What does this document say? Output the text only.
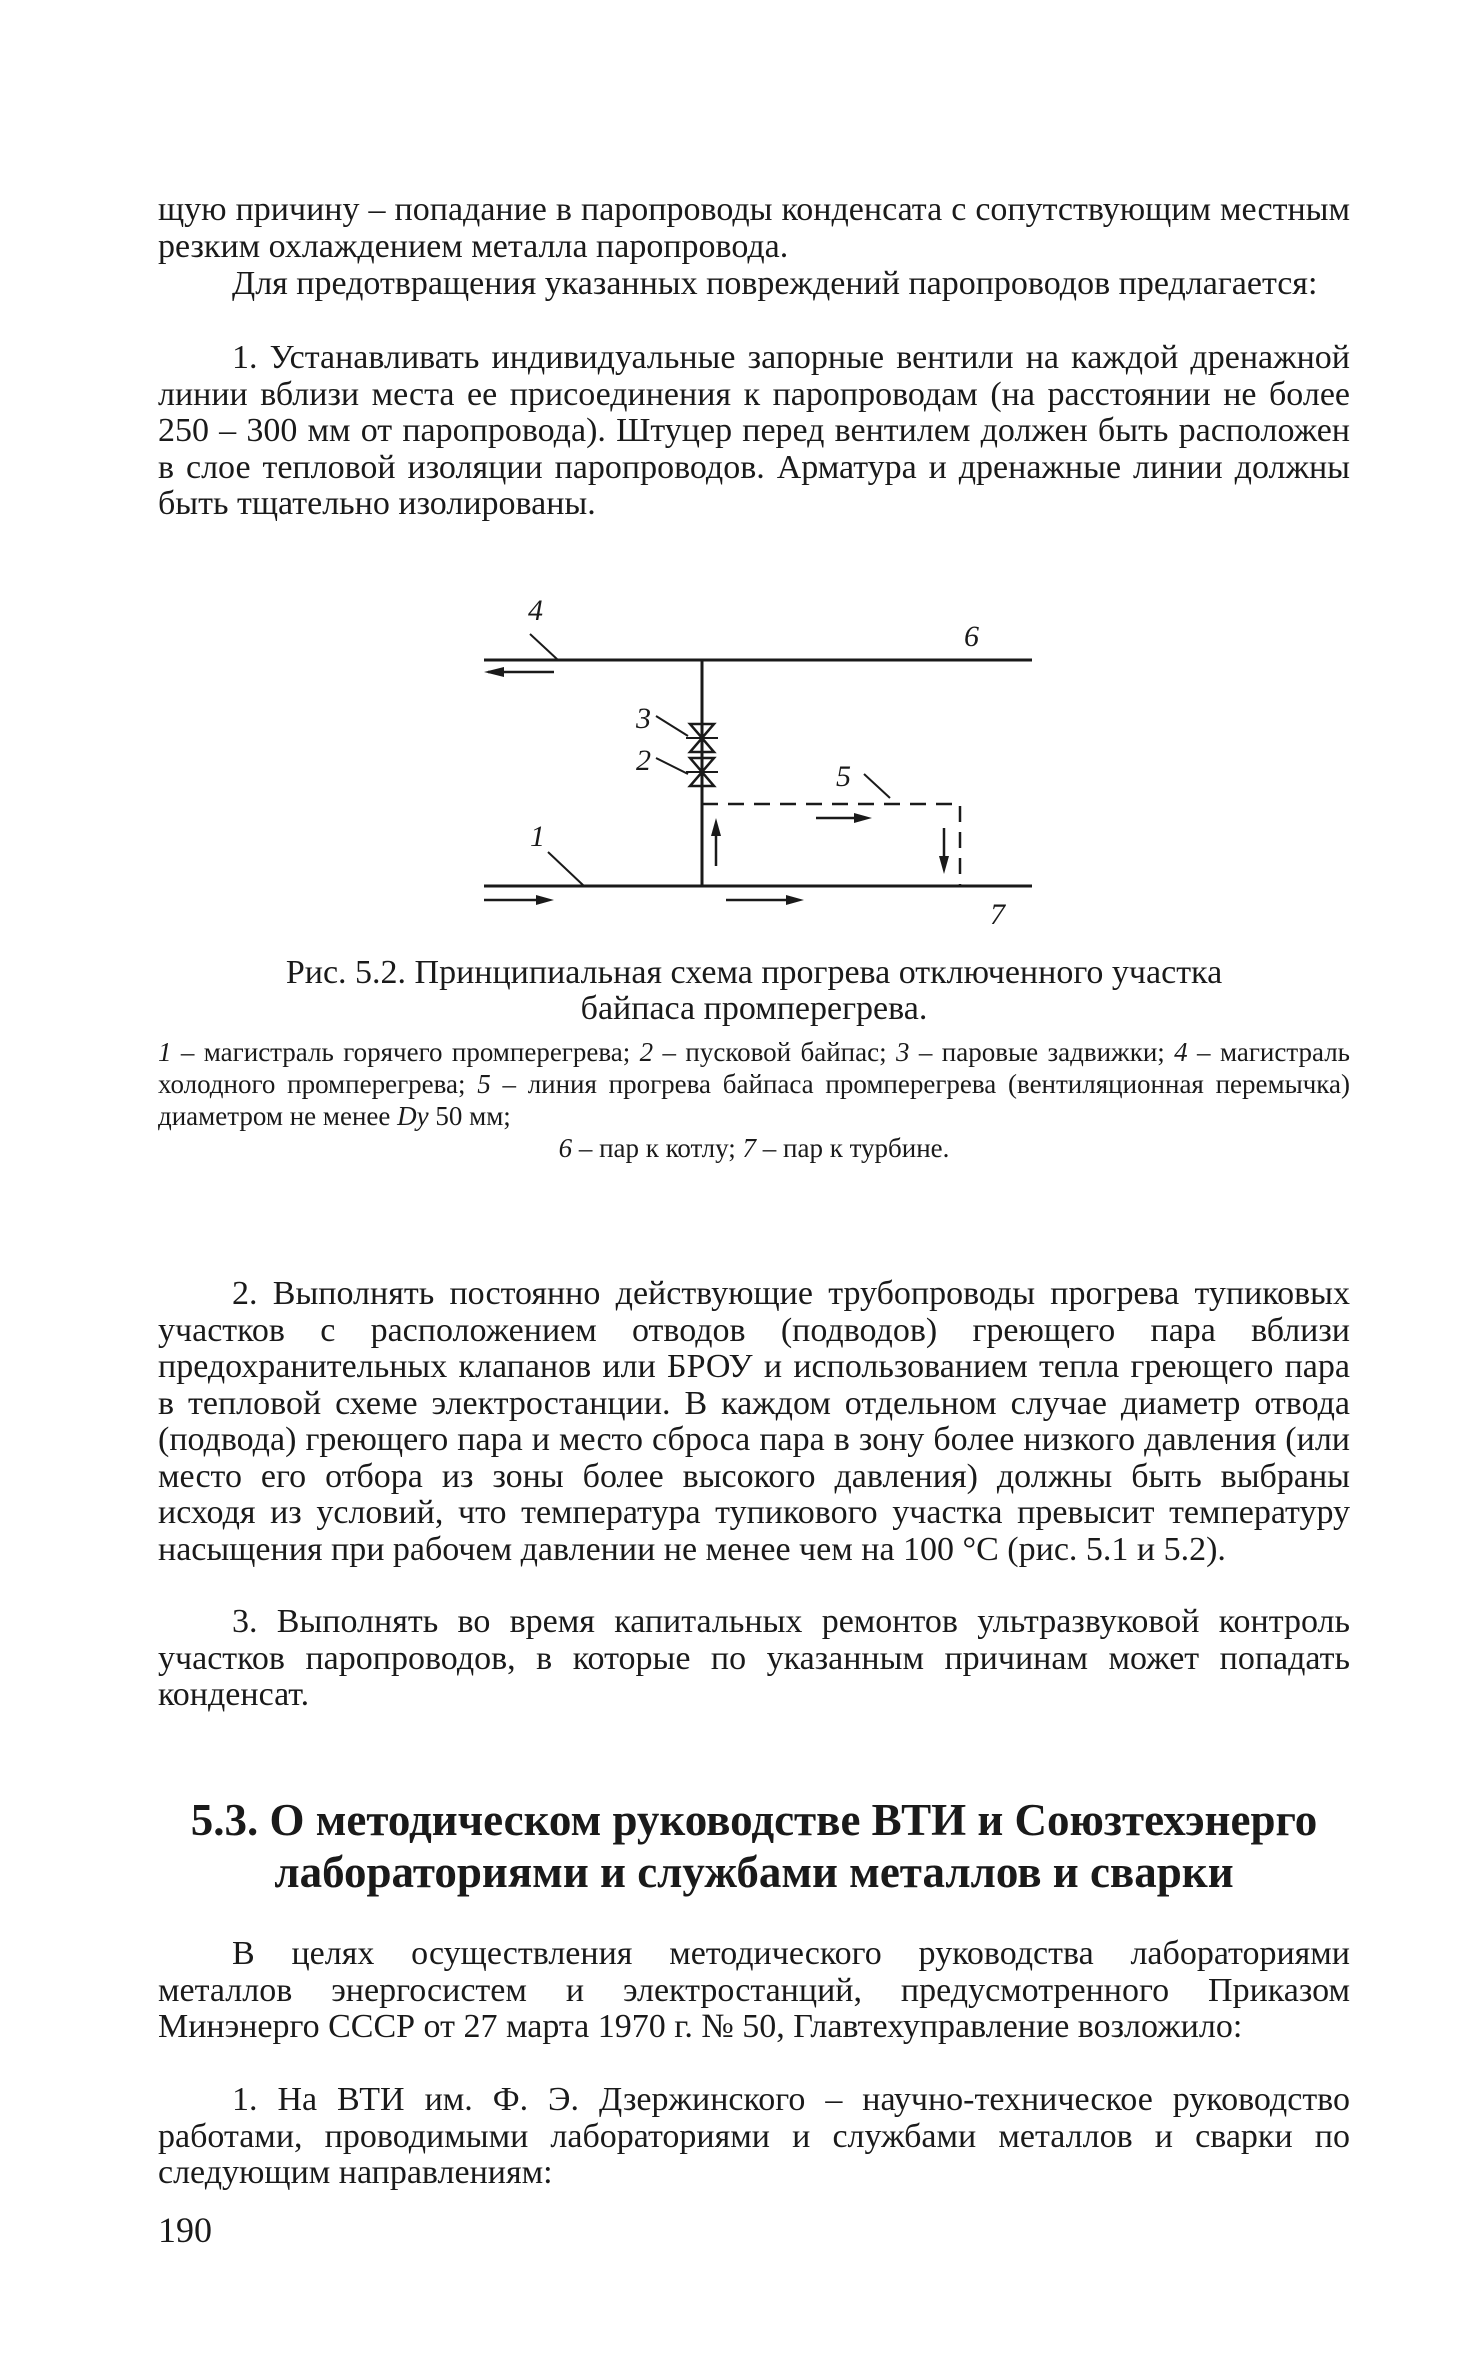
щую причину – попадание в паропроводы конденсата с сопутствующим местным резким охлаждением металла паропровода.

Для предотвращения указанных повреждений паропроводов предлагается:

1. Устанавливать индивидуальные запорные вентили на каждой дренажной линии вблизи места ее присоединения к паропроводам (на расстоянии не более 250 – 300 мм от паропровода). Штуцер перед вентилем должен быть расположен в слое тепловой изоляции паропроводов. Арматура и дренажные линии должны быть тщательно изолированы.

4
6
3
2	5
1
7

Рис. 5.2. Принципиальная схема прогрева отключенного участка

байпаса промперегрева.

1 – магистраль горячего промперегрева; 2 – пусковой байпас; 3 – паровые задвижки; 4 – магистраль холодного промперегрева; 5 – линия прогрева байпаса промперегрева (вентиляционная перемычка) диаметром не менее Dу 50 мм;

6 – пар к котлу; 7 – пар к турбине.

2. Выполнять постоянно действующие трубопроводы прогрева тупиковых участков с расположением отводов (подводов) греющего пара вблизи предохранительных клапанов или БРОУ и использованием тепла греющего пара в тепловой схеме электростанции. В каждом отдельном случае диаметр отвода (подвода) греющего пара и место сброса пара в зону более низкого давления (или место его отбора из зоны более высокого давления) должны быть выбраны исходя из условий, что температура тупикового участка превысит температуру насыщения при рабочем давлении не менее чем на 100 °С (рис. 5.1 и 5.2).

3. Выполнять во время капитальных ремонтов ультразвуковой контроль участков паропроводов, в которые по указанным причинам может попадать конденсат.

5.3. О методическом руководстве ВТИ и Союзтехэнерго

лабораториями и службами металлов и сварки

В целях осуществления методического руководства лабораториями металлов энергосистем и электростанций, предусмотренного Приказом Минэнерго СССР от 27 марта 1970 г. № 50, Главтехуправление возложило:

1. На ВТИ им. Ф. Э. Дзержинского – научно-техническое руководство работами, проводимыми лабораториями и службами металлов и сварки по следующим направлениям:

190
